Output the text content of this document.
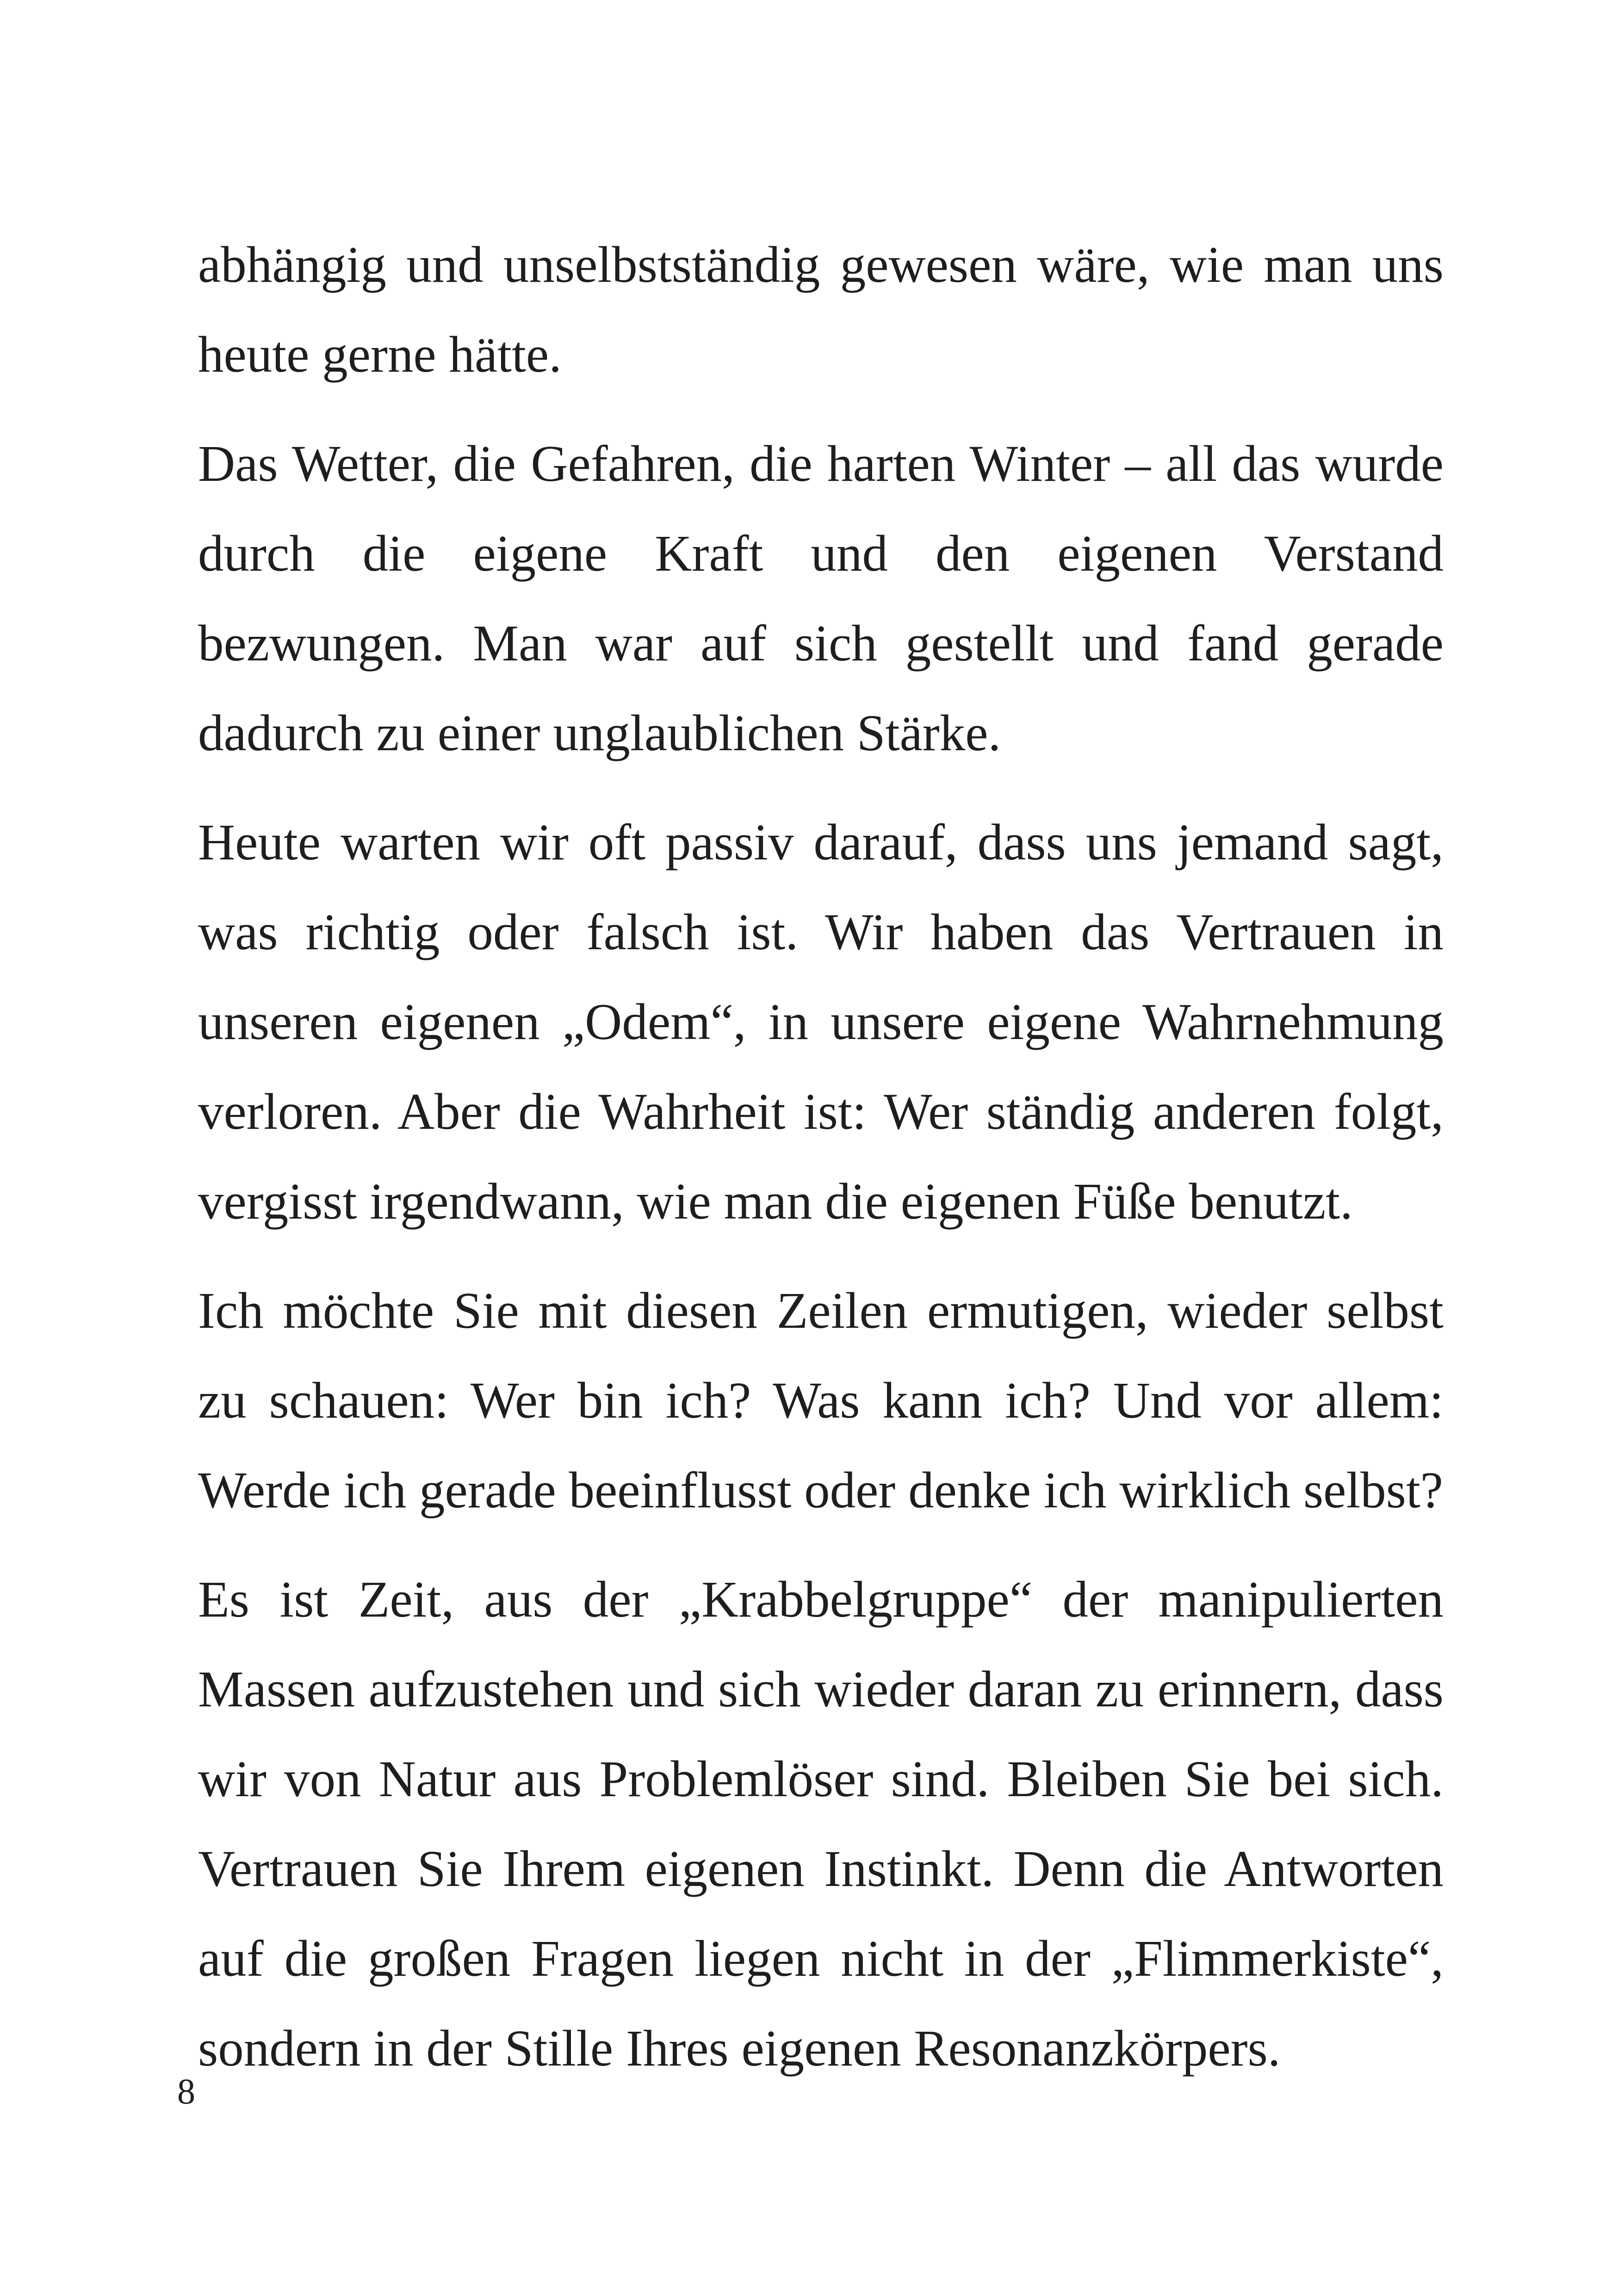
abhängig und unselbstständig gewesen wäre, wie man uns heute gerne hätte.

Das Wetter, die Gefahren, die harten Winter – all das wurde durch die eigene Kraft und den eigenen Verstand bezwungen. Man war auf sich gestellt und fand gerade dadurch zu einer unglaublichen Stärke.

Heute warten wir oft passiv darauf, dass uns jemand sagt, was richtig oder falsch ist. Wir haben das Vertrauen in unseren eigenen „Odem“, in unsere eigene Wahrnehmung verloren. Aber die Wahrheit ist: Wer ständig anderen folgt, vergisst irgendwann, wie man die eigenen Füße benutzt.

Ich möchte Sie mit diesen Zeilen ermutigen, wieder selbst zu schauen: Wer bin ich? Was kann ich? Und vor allem: Werde ich gerade beeinflusst oder denke ich wirklich selbst?

Es ist Zeit, aus der „Krabbelgruppe“ der manipulierten Massen aufzustehen und sich wieder daran zu erinnern, dass wir von Natur aus Problemlöser sind. Bleiben Sie bei sich. Vertrauen Sie Ihrem eigenen Instinkt. Denn die Antworten auf die großen Fragen liegen nicht in der „Flimmerkiste“, sondern in der Stille Ihres eigenen Resonanzkörpers.

8
